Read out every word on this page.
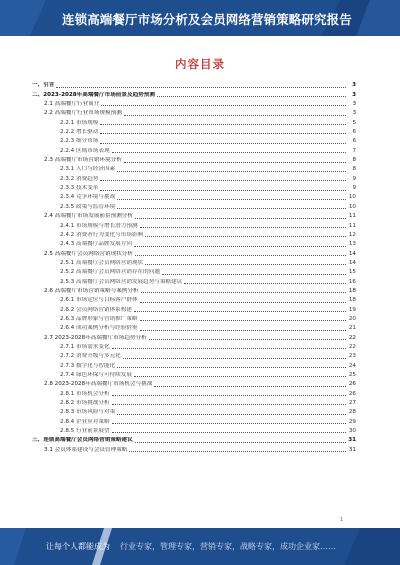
连锁高端餐厅市场分析及会员网络营销策略研究报告
内容目录
一、引言	3
二、2023-2028年高端餐厅市场前景及趋势预测	3
2.1 高端餐厅行业简介	3
2.2 高端餐厅行业市场规模预测	3
2.2.1 市场规模	5
2.2.2 增长驱动	6
2.2.3 细分市场	6
2.2.4 区域市场表现	7
2.3 高端餐厅市场营销环境分析	8
2.3.1 人口与经济因素	8
2.3.2 消费趋势	9
2.3.3 技术变革	9
2.3.4 竞争环境与挑战	10
2.3.5 政策与监管环境	10
2.4 高端餐厅市场发展前景预测分析	11
2.4.1 市场规模与增长潜力预测	11
2.4.2 消费者行为变化与市场影响	12
2.4.3 高端餐厅品牌发展方向	13
2.5 高端餐厅会员网络营销现状分析	14
2.5.1 高端餐厅会员网络营销现状	14
2.5.2 高端餐厅会员网络营销存在的问题	15
2.5.3 高端餐厅会员网络营销发展趋势与策略建议	16
2.6 高端餐厅市场营销策略与案例分析	18
2.6.1 市场定位与目标客户群体	18
2.6.2 会员网络营销体系构建	19
2.6.3 品牌形象与营销推广策略	20
2.6.4 成功案例分析与经验借鉴	21
2.7 2023-2028年高端餐厅市场趋势分析	22
2.7.1 市场需求变化	22
2.7.2 消费升级与多元化	23
2.7.3 数字化与智能化	24
2.7.4 绿色环保与可持续发展	25
2.8 2023-2028年高端餐厅市场机会与挑战	26
2.8.1 市场机会分析	26
2.8.2 市场挑战分析	27
2.8.3 市场风险与对策	28
2.8.4 企业应对策略	29
2.8.5 行业前景展望	30
三、连锁高端餐厅会员网络营销策略建议	31
3.1 会员体系建设与会员管理策略	31
1
让每个人都能成为 行业专家，管理专家，营销专家，战略专家，成功企业家……
